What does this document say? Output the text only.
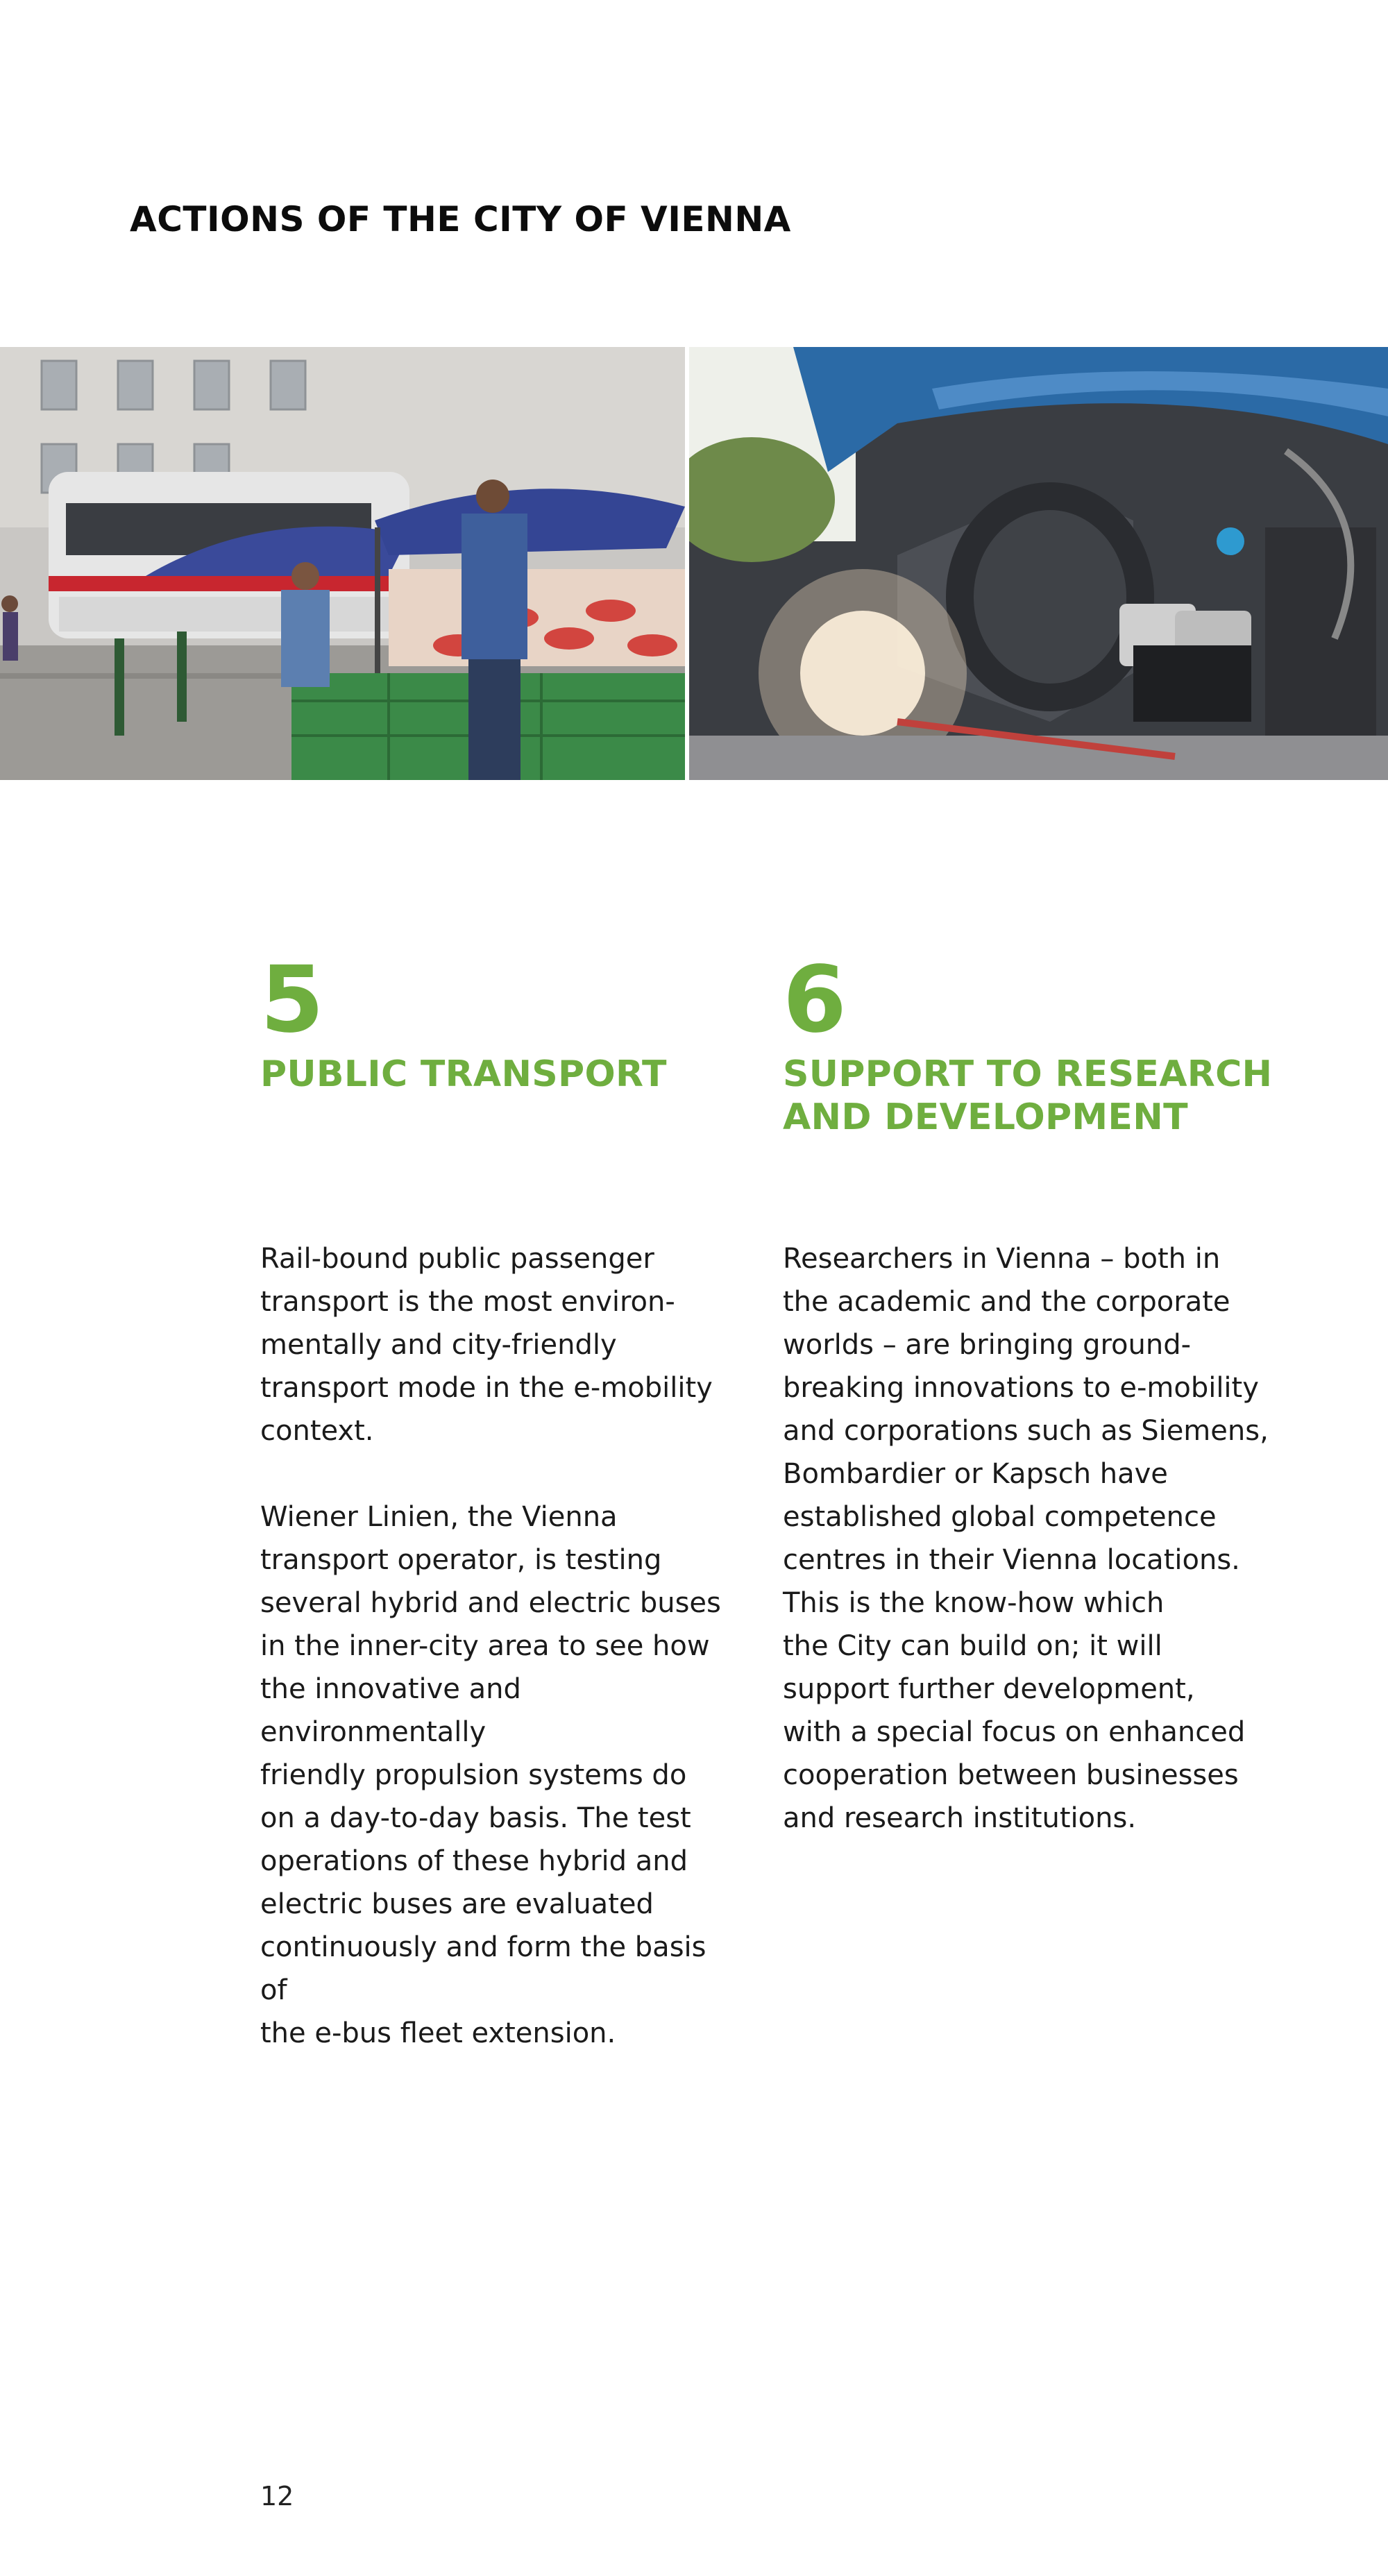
ACTIONS OF THE CITY OF VIENNA

5

PUBLIC TRANSPORT

Rail-bound public passenger
transport is the most environ-
mentally and city-friendly
transport mode in the e-mobility
context.

Wiener Linien, the Vienna
transport operator, is testing
several hybrid and electric buses
in the inner-city area to see how
the innovative and environmentally
friendly propulsion systems do
on a day-to-day basis. The test
operations of these hybrid and
electric buses are evaluated
continuously and form the basis of
the e-bus fleet extension.

6

SUPPORT TO RESEARCH
AND DEVELOPMENT

Researchers in Vienna – both in
the academic and the corporate
worlds – are bringing ground-
breaking innovations to e-mobility
and corporations such as Siemens,
Bombardier or Kapsch have
established global competence
centres in their Vienna locations.
This is the know-how which
the City can build on; it will
support further development,
with a special focus on enhanced
cooperation between businesses
and research institutions.

12
